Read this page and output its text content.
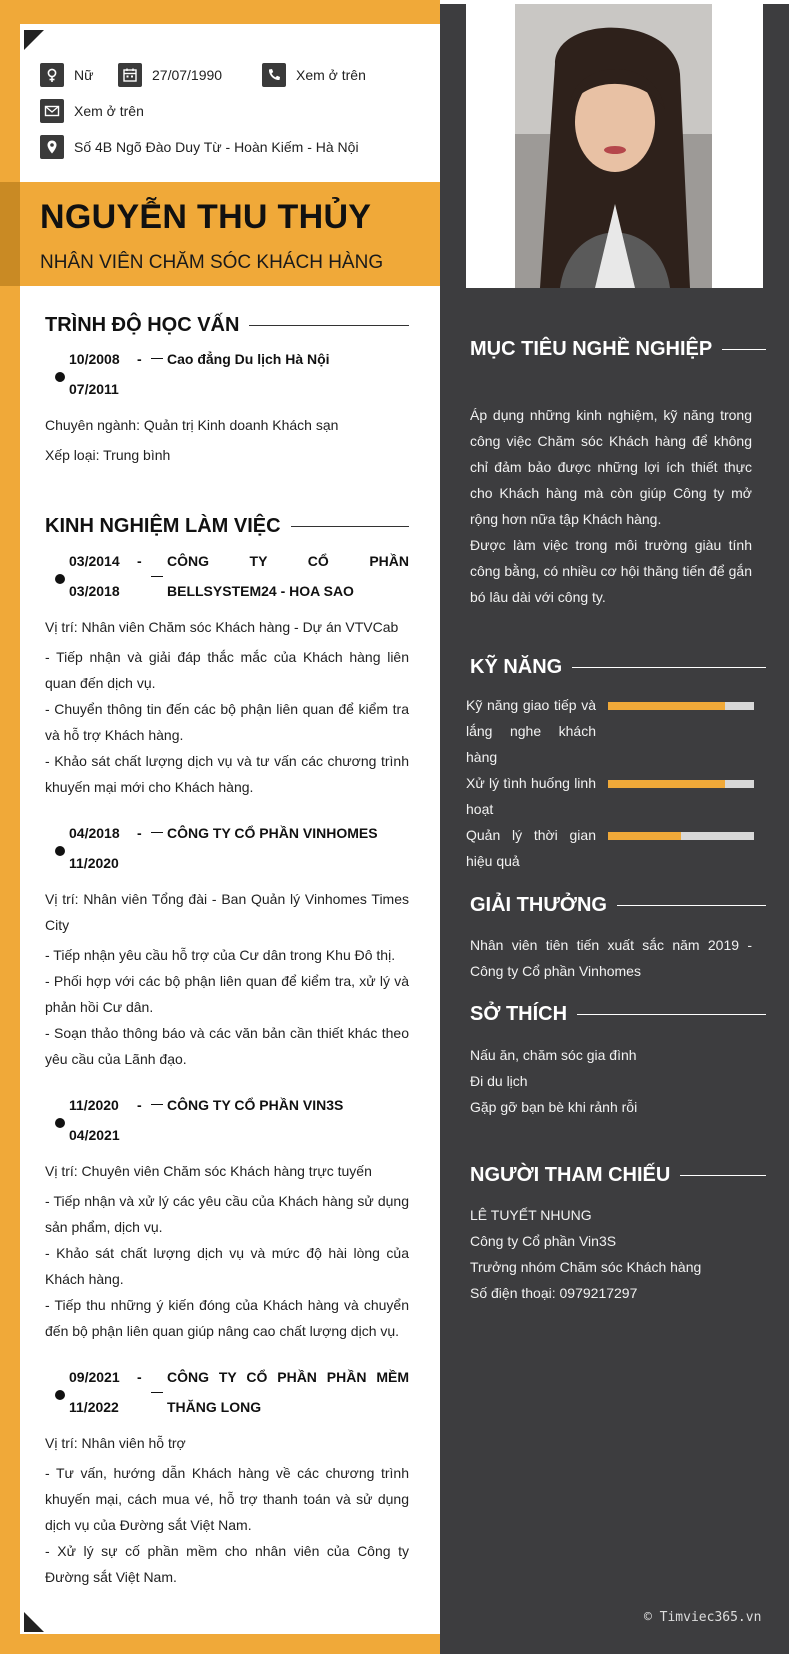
Nữ	27/07/1990	Xem ở trên
Xem ở trên
Số 4B Ngõ Đào Duy Từ - Hoàn Kiếm - Hà Nội
NGUYỄN THU THỦY
NHÂN VIÊN CHĂM SÓC KHÁCH HÀNG
TRÌNH ĐỘ HỌC VẤN
10/2008
07/2011
- Cao đẳng Du lịch Hà Nội

Chuyên ngành: Quản trị Kinh doanh Khách sạn

Xếp loại: Trung bình

KINH NGHIỆM LÀM VIỆC
03/2014
03/2018
- CÔNG TY CỔ PHẦN BELLSYSTEM24 - HOA SAO

Vị trí: Nhân viên Chăm sóc Khách hàng - Dự án VTVCab

- Tiếp nhận và giải đáp thắc mắc của Khách hàng liên quan đến dịch vụ.

- Chuyển thông tin đến các bộ phận liên quan để kiểm tra và hỗ trợ Khách hàng.

- Khảo sát chất lượng dịch vụ và tư vấn các chương trình khuyến mại mới cho Khách hàng.

04/2018
11/2020
- CÔNG TY CỔ PHẦN VINHOMES

Vị trí: Nhân viên Tổng đài - Ban Quản lý Vinhomes Times City

- Tiếp nhận yêu cầu hỗ trợ của Cư dân trong Khu Đô thị.

- Phối hợp với các bộ phận liên quan để kiểm tra, xử lý và phản hồi Cư dân.

- Soạn thảo thông báo và các văn bản cần thiết khác theo yêu cầu của Lãnh đạo.

11/2020
04/2021
- CÔNG TY CỔ PHẦN VIN3S

Vị trí: Chuyên viên Chăm sóc Khách hàng trực tuyến

- Tiếp nhận và xử lý các yêu cầu của Khách hàng sử dụng sản phẩm, dịch vụ.

- Khảo sát chất lượng dịch vụ và mức độ hài lòng của Khách hàng.

- Tiếp thu những ý kiến đóng của Khách hàng và chuyển đến bộ phận liên quan giúp nâng cao chất lượng dịch vụ.

09/2021
11/2022
- CÔNG TY CỔ PHẦN PHẦN MỀM THĂNG LONG

Vị trí: Nhân viên hỗ trợ

- Tư vấn, hướng dẫn Khách hàng về các chương trình khuyến mại, cách mua vé, hỗ trợ thanh toán và sử dụng dịch vụ của Đường sắt Việt Nam.

- Xử lý sự cố phần mềm cho nhân viên của Công ty Đường sắt Việt Nam.

MỤC TIÊU NGHỀ NGHIỆP

Áp dụng những kinh nghiệm, kỹ năng trong công việc Chăm sóc Khách hàng để không chỉ đảm bảo được những lợi ích thiết thực cho Khách hàng mà còn giúp Công ty mở rộng hơn nữa tập Khách hàng.

Được làm việc trong môi trường giàu tính công bằng, có nhiều cơ hội thăng tiến để gắn bó lâu dài với công ty.

KỸ NĂNG
Kỹ năng giao tiếp và lắng nghe khách hàng
Xử lý tình huống linh hoạt
Quản lý thời gian hiệu quả
GIẢI THƯỞNG

Nhân viên tiên tiến xuất sắc năm 2019 - Công ty Cổ phần Vinhomes

SỞ THÍCH

Nấu ăn, chăm sóc gia đình

Đi du lịch

Gặp gỡ bạn bè khi rảnh rỗi

NGƯỜI THAM CHIẾU

LÊ TUYẾT NHUNG

Công ty Cổ phần Vin3S

Trưởng nhóm Chăm sóc Khách hàng

Số điện thoại: 0979217297

© Timviec365.vn
